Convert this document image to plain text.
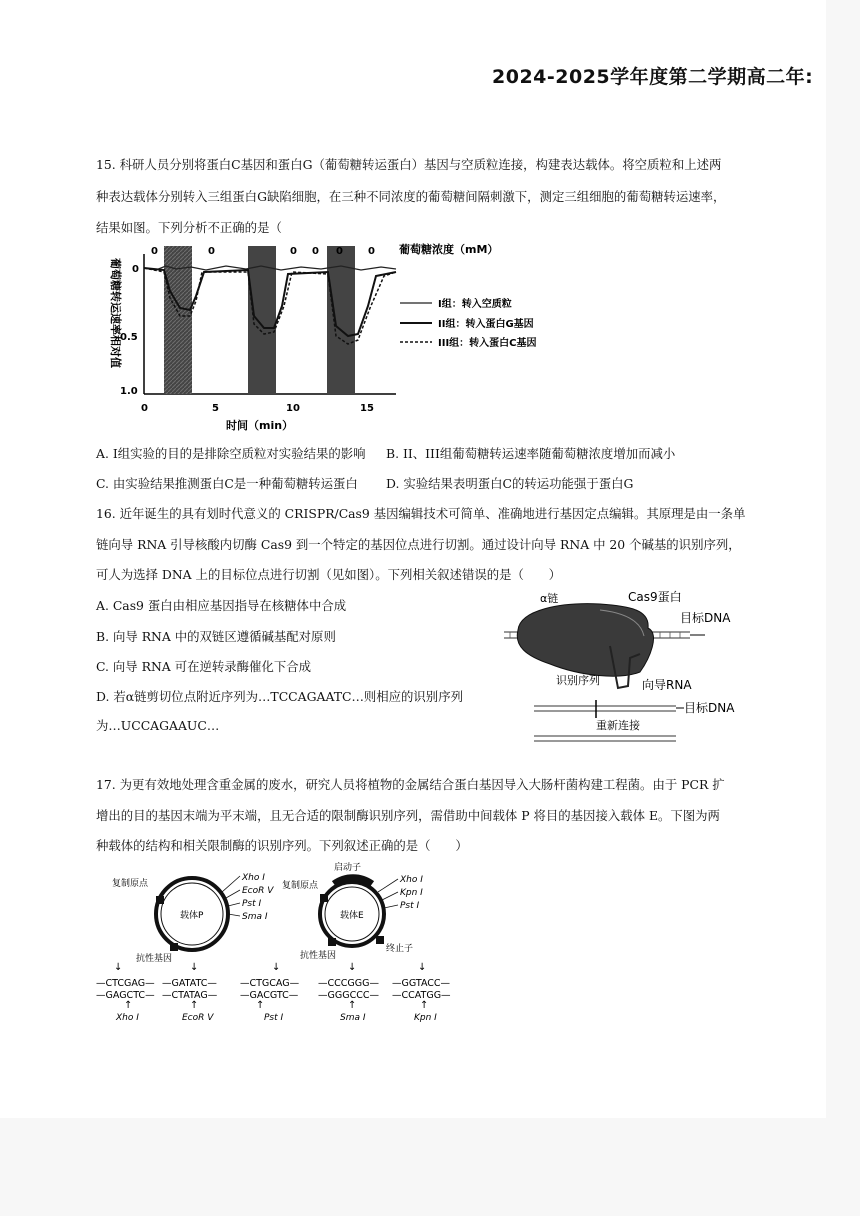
2024-2025学年度第二学期高二年:
15. 科研人员分别将蛋白C基因和蛋白G（葡萄糖转运蛋白）基因与空质粒连接，构建表达载体。将空质粒和上述两
种表达载体分别转入三组蛋白G缺陷细胞，在三种不同浓度的葡萄糖间隔刺激下，测定三组细胞的葡萄糖转运速率，
结果如图。下列分析不正确的是（
葡萄糖转运速率相对值
0	0	0 0 0	0 葡萄糖浓度（mM）
0
0.5
1.0
0	5	10	15
时间（min）
I组：转入空质粒
II组：转入蛋白G基因
III组：转入蛋白C基因
A. I组实验的目的是排除空质粒对实验结果的影响 B. II、III组葡萄糖转运速率随葡萄糖浓度增加而减小
C. 由实验结果推测蛋白C是一种葡萄糖转运蛋白 D. 实验结果表明蛋白C的转运功能强于蛋白G
16. 近年诞生的具有划时代意义的 CRISPR/Cas9 基因编辑技术可简单、准确地进行基因定点编辑。其原理是由一条单
链向导 RNA 引导核酸内切酶 Cas9 到一个特定的基因位点进行切割。通过设计向导 RNA 中 20 个碱基的识别序列，
可人为选择 DNA 上的目标位点进行切割（见如图）。下列相关叙述错误的是（　　）
A. Cas9 蛋白由相应基因指导在核糖体中合成
B. 向导 RNA 中的双链区遵循碱基配对原则
C. 向导 RNA 可在逆转录酶催化下合成
D. 若α链剪切位点附近序列为…TCCAGAATC…则相应的识别序列
为…UCCAGAAUC…
α链	Cas9蛋白
目标DNA
识别序列	向导RNA
目标DNA
重新连接
17. 为更有效地处理含重金属的废水，研究人员将植物的金属结合蛋白基因导入大肠杆菌构建工程菌。由于 PCR 扩
增出的目的基因末端为平末端，且无合适的限制酶识别序列，需借助中间载体 P 将目的基因接入载体 E。下图为两
种载体的结构和相关限制酶的识别序列。下列叙述正确的是（　　）
载体P
复制原点
抗性基因
Xho I
EcoR V
Pst I
Sma I	载体E
启动子
复制原点
抗性基因
终止子
Xho I
Kpn I
Pst I
↓
—CTCGAG—
—GAGCTC—
↑
Xho I
↓
—GATATC—
—CTATAG—
↑
EcoR V
↓
—CTGCAG—
—GACGTC—
↑
Pst I
↓
—CCCGGG—
—GGGCCC—
↑
Sma I
↓
—GGTACC—
—CCATGG—
↑
Kpn I
